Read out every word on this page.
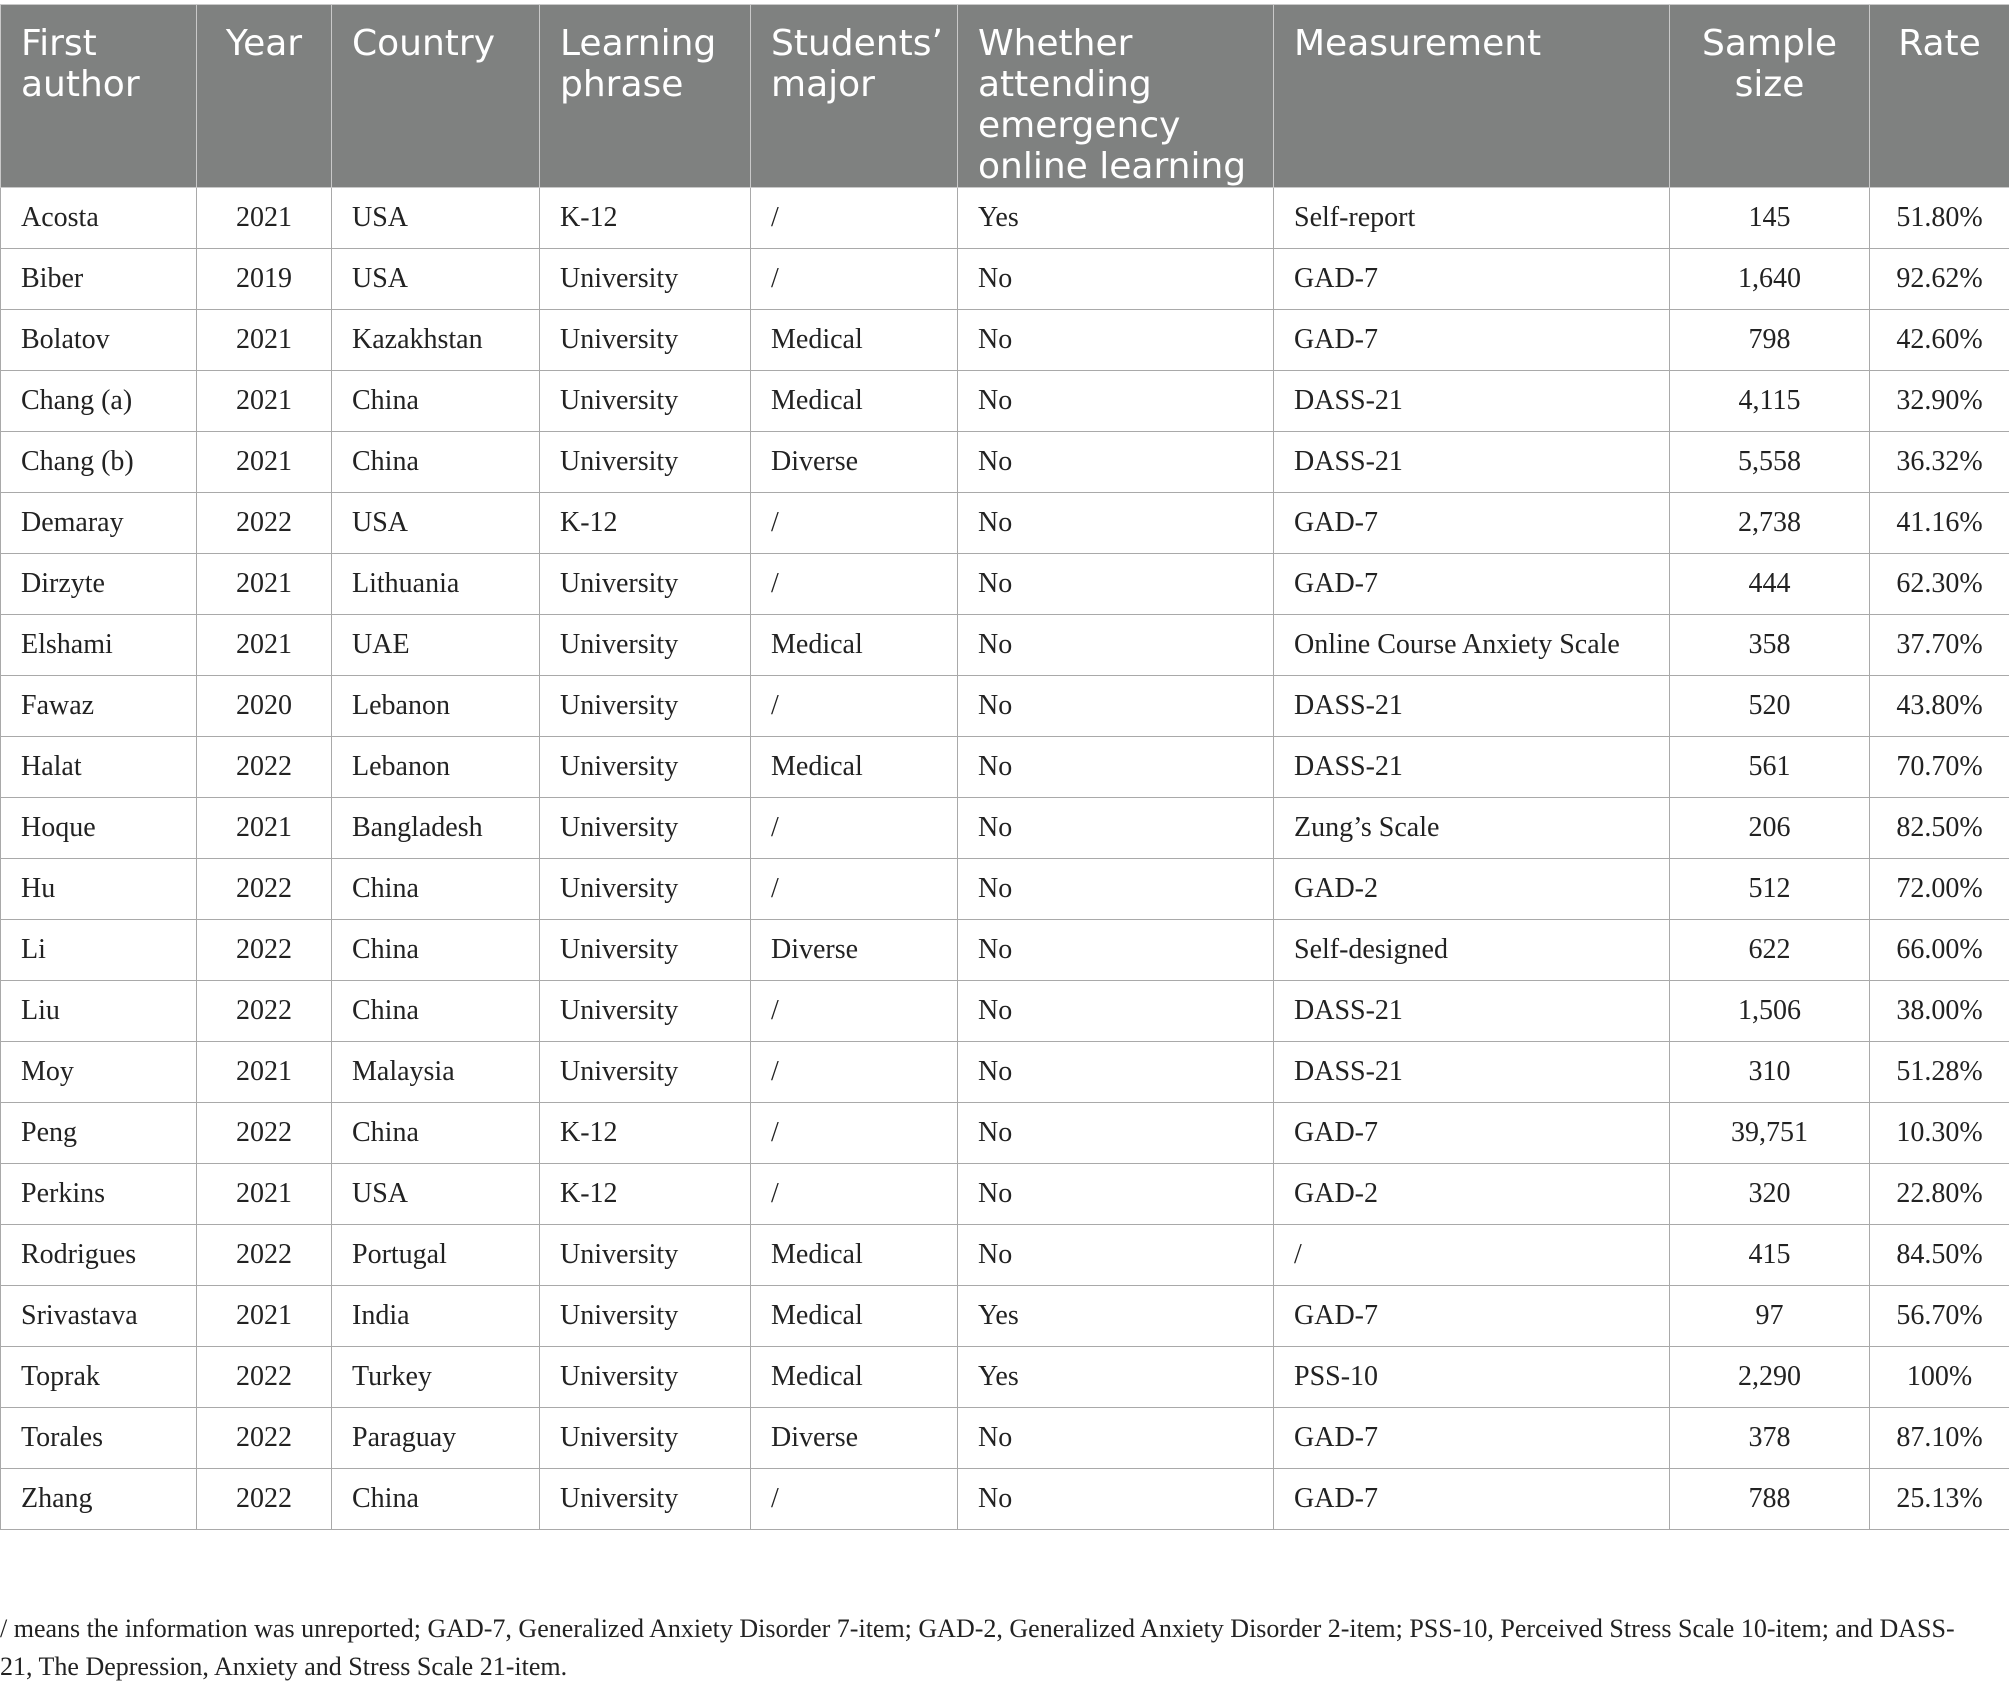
First author	Year	Country	Learning phrase	Students’ major	Whether attending emergency online learning	Measurement	Sample size	Rate
Acosta	2021	USA	K-12	/	Yes	Self-report	145	51.80%
Biber	2019	USA	University	/	No	GAD-7	1,640	92.62%
Bolatov	2021	Kazakhstan	University	Medical	No	GAD-7	798	42.60%
Chang (a)	2021	China	University	Medical	No	DASS-21	4,115	32.90%
Chang (b)	2021	China	University	Diverse	No	DASS-21	5,558	36.32%
Demaray	2022	USA	K-12	/	No	GAD-7	2,738	41.16%
Dirzyte	2021	Lithuania	University	/	No	GAD-7	444	62.30%
Elshami	2021	UAE	University	Medical	No	Online Course Anxiety Scale	358	37.70%
Fawaz	2020	Lebanon	University	/	No	DASS-21	520	43.80%
Halat	2022	Lebanon	University	Medical	No	DASS-21	561	70.70%
Hoque	2021	Bangladesh	University	/	No	Zung’s Scale	206	82.50%
Hu	2022	China	University	/	No	GAD-2	512	72.00%
Li	2022	China	University	Diverse	No	Self-designed	622	66.00%
Liu	2022	China	University	/	No	DASS-21	1,506	38.00%
Moy	2021	Malaysia	University	/	No	DASS-21	310	51.28%
Peng	2022	China	K-12	/	No	GAD-7	39,751	10.30%
Perkins	2021	USA	K-12	/	No	GAD-2	320	22.80%
Rodrigues	2022	Portugal	University	Medical	No	/	415	84.50%
Srivastava	2021	India	University	Medical	Yes	GAD-7	97	56.70%
Toprak	2022	Turkey	University	Medical	Yes	PSS-10	2,290	100%
Torales	2022	Paraguay	University	Diverse	No	GAD-7	378	87.10%
Zhang	2022	China	University	/	No	GAD-7	788	25.13%
/ means the information was unreported; GAD-7, Generalized Anxiety Disorder 7-item; GAD-2, Generalized Anxiety Disorder 2-item; PSS-10, Perceived Stress Scale 10-item; and DASS-21, The Depression, Anxiety and Stress Scale 21-item.
